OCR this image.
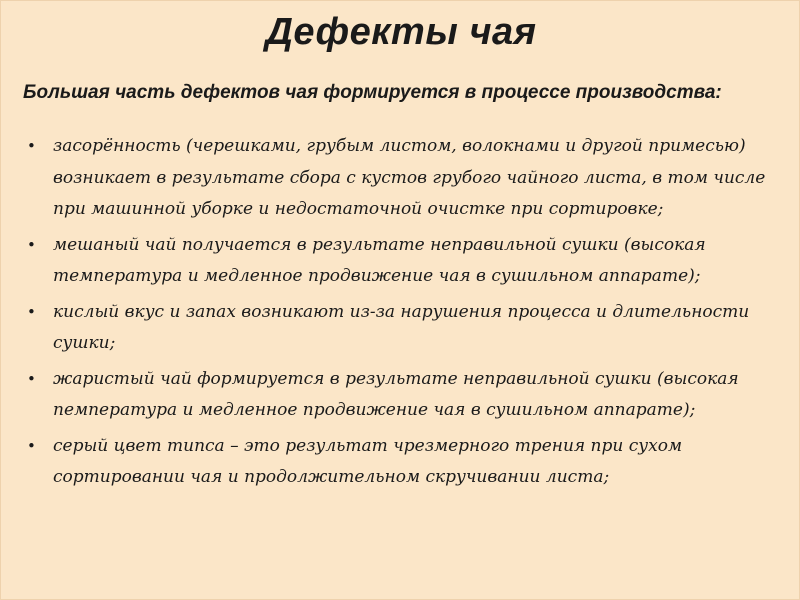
Дефекты чая
Большая часть дефектов чая формируется в процессе производства:
• засорённость (черешками, грубым листом, волокнами и другой примесью) возникает в результате сбора с кустов грубого чайного листа, в том числе при машинной уборке и недостаточной очистке при сортировке;
• мешаный чай получается в результате неправильной сушки (высокая температура и медленное продвижение чая в сушильном аппарате);
• кислый вкус и запах возникают из-за нарушения процесса и длительности сушки;
• жаристый чай формируется в результате неправильной сушки (высокая пемпература и медленное продвижение чая в сушильном аппарате);
• серый цвет типса – это результат чрезмерного трения при сухом сортировании чая и продолжительном скручивании листа;
